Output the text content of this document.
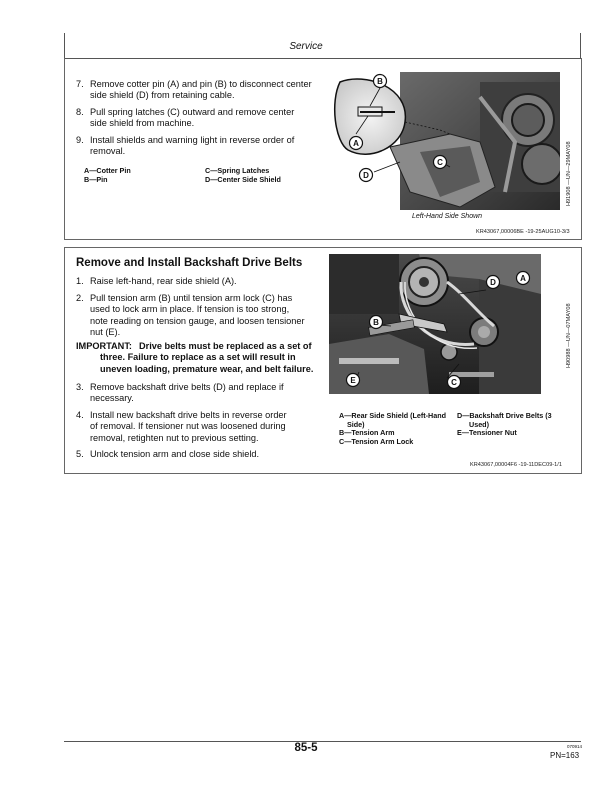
Service
7. Remove cotter pin (A) and pin (B) to disconnect center
side shield (D) from retaining cable.
8. Pull spring latches (C) outward and remove center
side shield from machine.
9. Install shields and warning light in reverse order of
removal.
A—Cotter Pin
B—Pin
C—Spring Latches
D—Center Side Shield
B
A
C
D
Left-Hand Side Shown
H91908 —UN—29MAY08
KR43067,00006BE -19-25AUG10-3/3
Remove and Install Backshaft Drive Belts
1. Raise left-hand, rear side shield (A).
2. Pull tension arm (B) until tension arm lock (C) has
used to lock arm in place. If tension is too strong,
note reading on tension gauge, and loosen tensioner
nut (E).
IMPORTANT: Drive belts must be replaced as a set of
three. Failure to replace as a set will result in
uneven loading, premature wear, and belt failure.
3. Remove backshaft drive belts (D) and replace if
necessary.
4. Install new backshaft drive belts in reverse order
of removal. If tensioner nut was loosened during
removal, retighten nut to previous setting.
5. Unlock tension arm and close side shield.
A
D
B
E	C
H90988 —UN—07MAY08
A—Rear Side Shield (Left-Hand
Side)
B—Tension Arm
C—Tension Arm Lock
D—Backshaft Drive Belts (3
Used)
E—Tensioner Nut
KR43067,00004F6 -19-11DEC09-1/1
85-5	070914
PN=163
